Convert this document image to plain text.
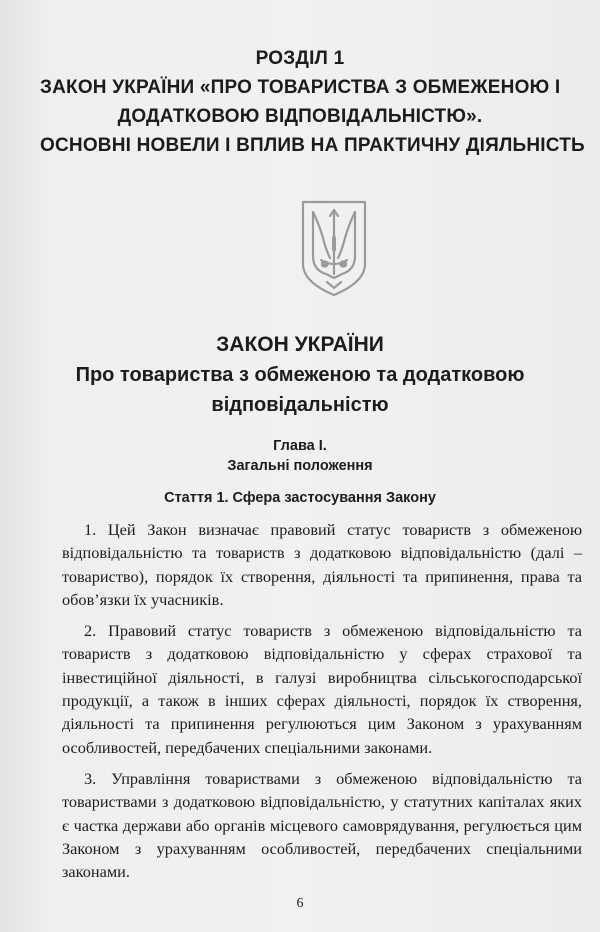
РОЗДІЛ 1
ЗАКОН УКРАЇНИ «ПРО ТОВАРИСТВА З ОБМЕЖЕНОЮ І
ДОДАТКОВОЮ ВІДПОВІДАЛЬНІСТЮ».
ОСНОВНІ НОВЕЛИ І ВПЛИВ НА ПРАКТИЧНУ ДІЯЛЬНІСТЬ
ЗАКОН УКРАЇНИ
Про товариства з обмеженою та додатковою
відповідальністю
Глава І.
Загальні положення
Стаття 1. Сфера застосування Закону

1. Цей Закон визначає правовий статус товариств з обмеженою відповідальністю та товариств з додатковою відповідальністю (далі – товариство), порядок їх створення, діяльності та припинення, права та обов’язки їх учасників.

2. Правовий статус товариств з обмеженою відповідальністю та товариств з додатковою відповідальністю у сферах страхової та інвестиційної діяльності, в галузі виробництва сільськогосподарської продукції, а також в інших сферах діяльності, порядок їх створення, діяльності та припинення регулюються цим Законом з урахуванням особливостей, передбачених спеціальними законами.

3. Управління товариствами з обмеженою відповідальністю та товариствами з додатковою відповідальністю, у статутних капіталах яких є частка держави або органів місцевого самоврядування, регулюється цим Законом з урахуванням особливостей, передбачених спеціальними законами.

6
